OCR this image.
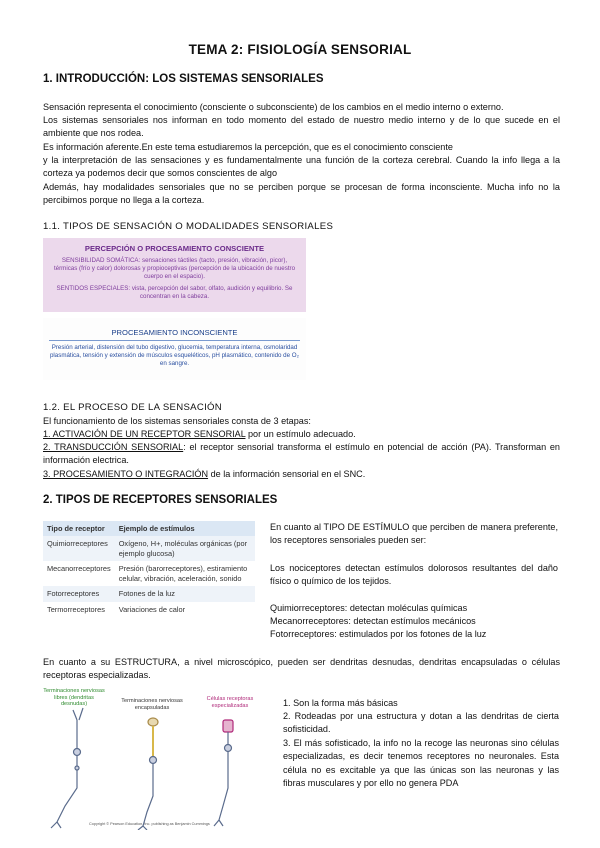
TEMA 2: FISIOLOGÍA SENSORIAL
1. INTRODUCCIÓN: LOS SISTEMAS SENSORIALES
Sensación representa el conocimiento (consciente o subconsciente) de los cambios en el medio interno o externo.
Los sistemas sensoriales nos informan en todo momento del estado de nuestro medio interno y de lo que sucede en el ambiente que nos rodea.
Es información aferente.En este tema estudiaremos la percepción, que es el conocimiento consciente
y la interpretación de las sensaciones y es fundamentalmente una función de la corteza cerebral. Cuando la info llega a la corteza ya podemos decir que somos conscientes de algo
Además, hay modalidades sensoriales que no se perciben porque se procesan de forma inconsciente. Mucha info no la percibimos porque no llega a la corteza.
1.1. TIPOS DE SENSACIÓN O MODALIDADES SENSORIALES
PERCEPCIÓN O PROCESAMIENTO CONSCIENTE
SENSIBILIDAD SOMÁTICA: sensaciones táctiles (tacto, presión, vibración, picor), térmicas (frío y calor) dolorosas y propioceptivas (percepción de la ubicación de nuestro cuerpo en el espacio).
SENTIDOS ESPECIALES: vista, percepción del sabor, olfato, audición y equilibrio. Se concentran en la cabeza.
PROCESAMIENTO INCONSCIENTE
Presión arterial, distensión del tubo digestivo, glucemia, temperatura interna, osmolaridad plasmática, tensión y extensión de músculos esqueléticos, pH plasmático, contenido de O₂ en sangre.
1.2. EL PROCESO DE LA SENSACIÓN
El funcionamiento de los sistemas sensoriales consta de 3 etapas:
1. ACTIVACIÓN DE UN RECEPTOR SENSORIAL por un estímulo adecuado.
2. TRANSDUCCIÓN SENSORIAL: el receptor sensorial transforma el estímulo en potencial de acción (PA). Transforman en información electrica.
3. PROCESAMIENTO O INTEGRACIÓN de la información sensorial en el SNC.
2. TIPOS DE RECEPTORES SENSORIALES
Tipo de receptor	Ejemplo de estímulos
Quimiorreceptores	Oxígeno, H+, moléculas orgánicas (por ejemplo glucosa)
Mecanorreceptores	Presión (barorreceptores), estiramiento celular, vibración, aceleración, sonido
Fotorreceptores	Fotones de la luz
Termorreceptores	Variaciones de calor
En cuanto al TIPO DE ESTÍMULO que perciben de manera preferente, los receptores sensoriales pueden ser:
Los nociceptores detectan estímulos dolorosos resultantes del daño físico o químico de los tejidos.
Quimiorreceptores: detectan moléculas químicas
Mecanorreceptores: detectan estímulos mecánicos
Fotorreceptores: estimulados por los fotones de la luz
En cuanto a su ESTRUCTURA, a nivel microscópico, pueden ser dendritas desnudas, dendritas encapsuladas o células receptoras especializadas.
Terminaciones nerviosas libres (dendritas desnudas)
Terminaciones nerviosas encapsuladas
Células receptoras especializadas
Copyright © Pearson Education, Inc. publishing as Benjamin Cummings
1. Son la forma más básicas
2. Rodeadas por una estructura y dotan a las dendritas de cierta sofisticidad.
3. El más sofisticado, la info no la recoge las neuronas sino células especializadas, es decir tenemos receptores no neuronales. Esta célula no es excitable ya que las únicas son las neuronas y las fibras musculares y por ello no genera PDA
